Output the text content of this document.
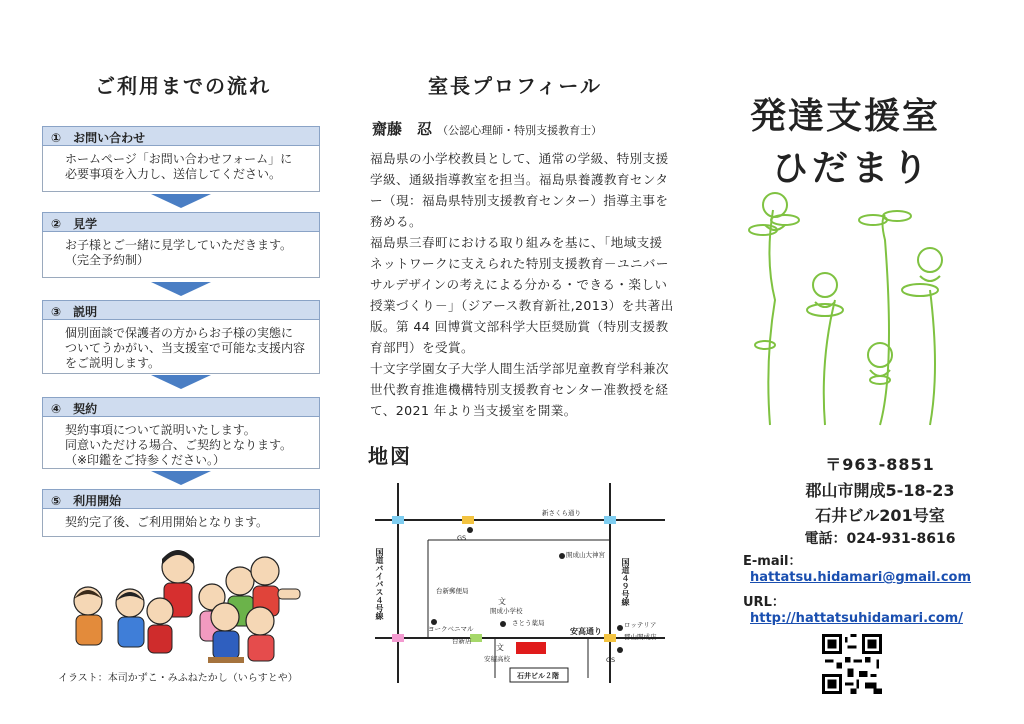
ご利用までの流れ
①　お問い合わせ
ホームページ「お問い合わせフォーム」に
必要事項を入力し、送信してください。
②　見学
お子様とご一緒に見学していただきます。
（完全予約制）
③　説明
個別面談で保護者の方からお子様の実態に
ついてうかがい、当支援室で可能な支援内容
をご説明します。
④　契約
契約事項について説明いたします。
同意いただける場合、ご契約となります。
（※印鑑をご持参ください。）
⑤　利用開始
契約完了後、ご利用開始となります。
イラスト：本司かずこ・みふねたかし（いらすとや）
室長プロフィール
齋藤　忍 （公認心理師・特別支援教育士）

福島県の小学校教員として、通常の学級、特別支援学級、通級指導教室を担当。福島県養護教育センター（現：福島県特別支援教育センター）指導主事を務める。

福島県三春町における取り組みを基に、「地域支援ネットワークに支えられた特別支援教育－ユニバーサルデザインの考えによる分かる・できる・楽しい授業づくり－」（ジアース教育新社,2013）を共著出版。第 44 回博賞文部科学大臣奨励賞（特別支援教育部門）を受賞。

十文字学園女子大学人間生活学部児童教育学科兼次世代教育推進機構特別支援教育センター准教授を経て、2021 年より当支援室を開業。

地図
新さくら通り
国道バイパス４号線	国道４９号線
安高通り
開成山大神宮
台新郵便局
文
開成小学校
ヨークベニマル
さとう薬局
台新店
ロッテリア
郡山開成店
文
安積高校
GS
GS
石井ビル２階
発達支援室
ひだまり
〒963-8851
郡山市開成5-18-23
石井ビル201号室
電話：024-931-8616
E-mail：
hattatsu.hidamari@gmail.com
URL：
http://hattatsuhidamari.com/
